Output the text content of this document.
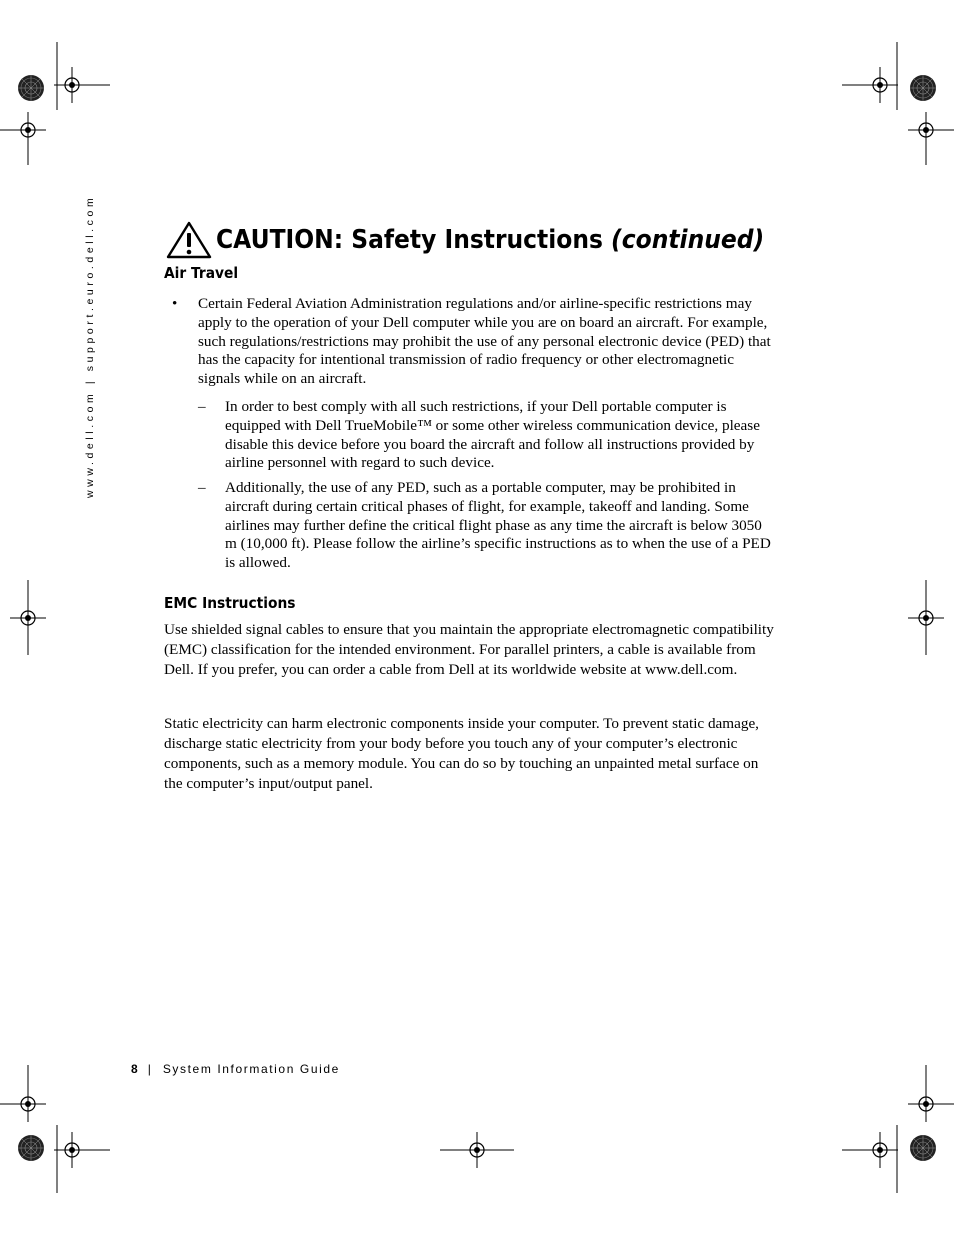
www.dell.com | support.euro.dell.com	CAUTION: Safety Instructions (continued)
Air Travel
• Certain Federal Aviation Administration regulations and/or airline-specific restrictions may apply to the operation of your Dell computer while you are on board an aircraft. For example, such regulations/restrictions may prohibit the use of any personal electronic device (PED) that has the capacity for intentional transmission of radio frequency or other electromagnetic signals while on an aircraft.
– In order to best comply with all such restrictions, if your Dell portable computer is equipped with Dell TrueMobile™ or some other wireless communication device, please disable this device before you board the aircraft and follow all instructions provided by airline personnel with regard to such device.
– Additionally, the use of any PED, such as a portable computer, may be prohibited in aircraft during certain critical phases of flight, for example, takeoff and landing. Some airlines may further define the critical flight phase as any time the aircraft is below 3050 m (10,000 ft). Please follow the airline’s specific instructions as to when the use of a PED is allowed.
EMC Instructions
Use shielded signal cables to ensure that you maintain the appropriate electromagnetic compatibility (EMC) classification for the intended environment. For parallel printers, a cable is available from Dell. If you prefer, you can order a cable from Dell at its worldwide website at www.dell.com.
Static electricity can harm electronic components inside your computer. To prevent static damage, discharge static electricity from your body before you touch any of your computer’s electronic components, such as a memory module. You can do so by touching an unpainted metal surface on the computer’s input/output panel.
8 | System Information Guide
